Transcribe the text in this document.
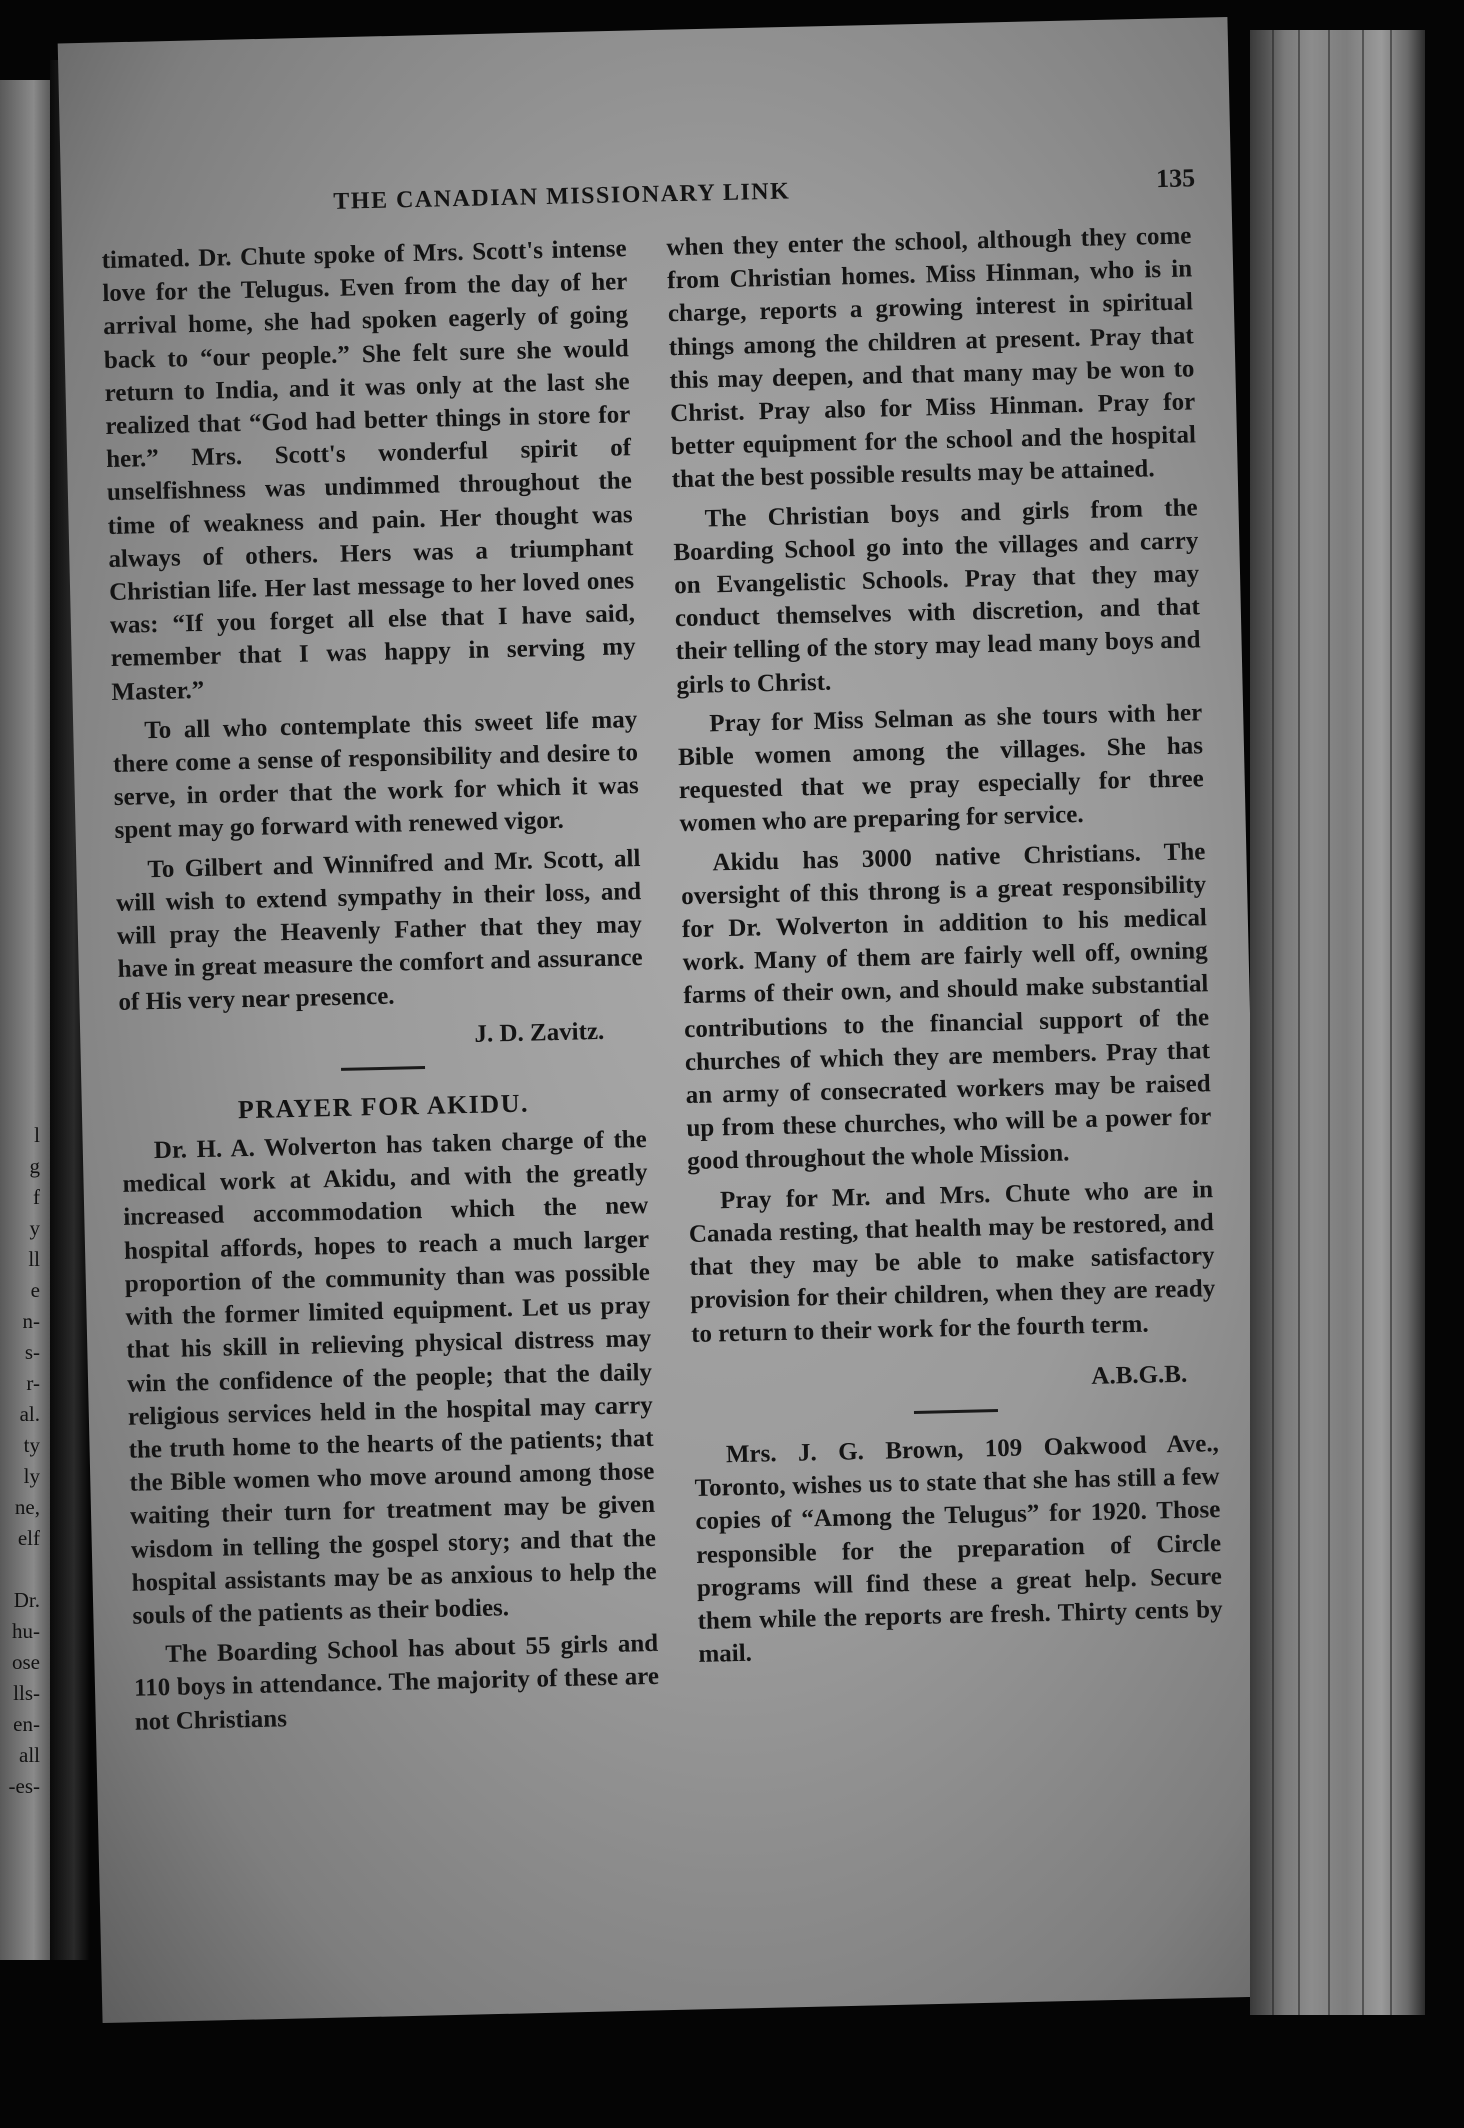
l
g
f
y
ll
e
n-
s-
r-
al.
ty
ly
ne,
elf
Dr.
hu-
ose
lls-
en-
all
-es-
THE CANADIAN MISSIONARY LINK
135

timated. Dr. Chute spoke of Mrs. Scott's intense love for the Telugus. Even from the day of her arrival home, she had spoken eagerly of going back to “our people.” She felt sure she would return to India, and it was only at the last she realized that “God had better things in store for her.” Mrs. Scott's wonderful spirit of unselfishness was undimmed throughout the time of weakness and pain. Her thought was always of others. Hers was a triumphant Christian life. Her last message to her loved ones was: “If you forget all else that I have said, remember that I was happy in serving my Master.”

To all who contemplate this sweet life may there come a sense of responsibility and desire to serve, in order that the work for which it was spent may go forward with renewed vigor.

To Gilbert and Winnifred and Mr. Scott, all will wish to extend sympathy in their loss, and will pray the Heavenly Father that they may have in great measure the comfort and assurance of His very near presence.

J. D. Zavitz.

PRAYER FOR AKIDU.

Dr. H. A. Wolverton has taken charge of the medical work at Akidu, and with the greatly increased accommodation which the new hospital affords, hopes to reach a much larger proportion of the community than was possible with the former limited equipment. Let us pray that his skill in relieving physical distress may win the confidence of the people; that the daily religious services held in the hospital may carry the truth home to the hearts of the patients; that the Bible women who move around among those waiting their turn for treatment may be given wisdom in telling the gospel story; and that the hospital assistants may be as anxious to help the souls of the patients as their bodies.

The Boarding School has about 55 girls and 110 boys in attendance. The majority of these are not Christians

when they enter the school, although they come from Christian homes. Miss Hinman, who is in charge, reports a growing interest in spiritual things among the children at present. Pray that this may deepen, and that many may be won to Christ. Pray also for Miss Hinman. Pray for better equipment for the school and the hospital that the best possible results may be attained.

The Christian boys and girls from the Boarding School go into the villages and carry on Evangelistic Schools. Pray that they may conduct themselves with discretion, and that their telling of the story may lead many boys and girls to Christ.

Pray for Miss Selman as she tours with her Bible women among the villages. She has requested that we pray especially for three women who are preparing for service.

Akidu has 3000 native Christians. The oversight of this throng is a great responsibility for Dr. Wolverton in addition to his medical work. Many of them are fairly well off, owning farms of their own, and should make substantial contributions to the financial support of the churches of which they are members. Pray that an army of consecrated workers may be raised up from these churches, who will be a power for good throughout the whole Mission.

Pray for Mr. and Mrs. Chute who are in Canada resting, that health may be restored, and that they may be able to make satisfactory provision for their children, when they are ready to return to their work for the fourth term.

A.B.G.B.

Mrs. J. G. Brown, 109 Oakwood Ave., Toronto, wishes us to state that she has still a few copies of “Among the Telugus” for 1920. Those responsible for the preparation of Circle programs will find these a great help. Secure them while the reports are fresh. Thirty cents by mail.
